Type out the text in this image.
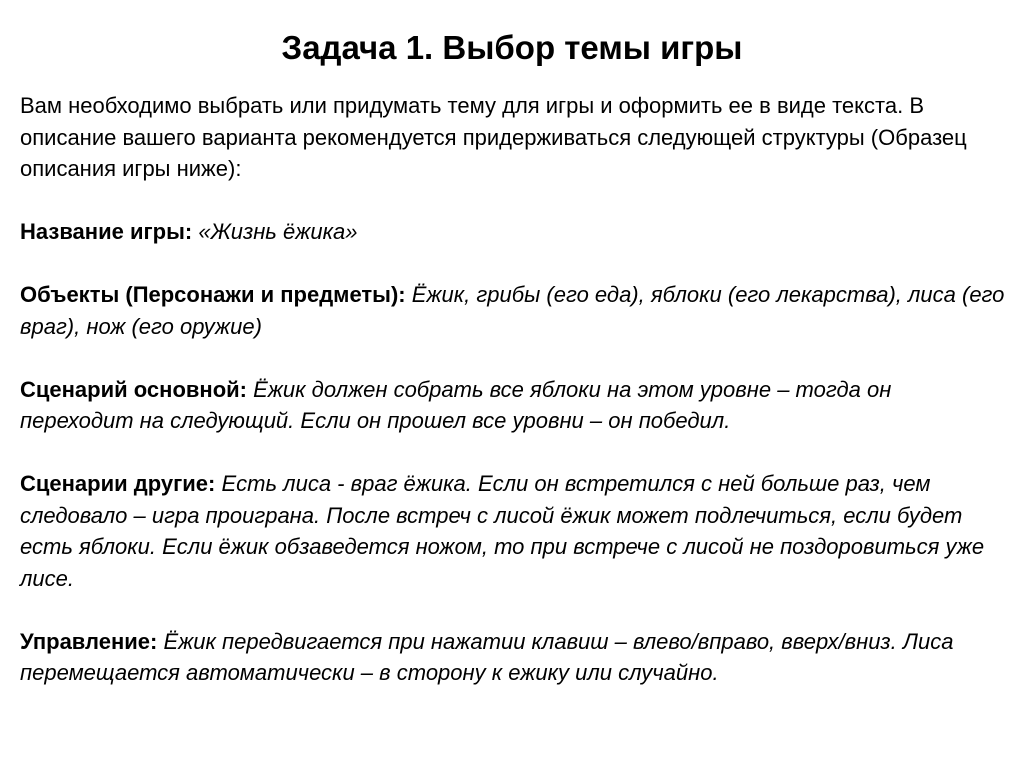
Задача 1. Выбор темы игры

Вам необходимо выбрать или придумать тему для игры и оформить ее в виде текста. В описание вашего варианта рекомендуется придерживаться следующей структуры (Образец описания игры ниже):

Название игры: «Жизнь ёжика»

Объекты (Персонажи и предметы): Ёжик, грибы (его еда), яблоки (его лекарства), лиса (его враг), нож (его оружие)

Сценарий основной: Ёжик должен собрать все яблоки на этом уровне – тогда он переходит на следующий. Если он прошел все уровни – он победил.

Сценарии другие: Есть лиса - враг ёжика. Если он встретился с ней больше раз, чем следовало – игра проиграна. После встреч с лисой ёжик может подлечиться, если будет есть яблоки. Если ёжик обзаведется ножом, то при встрече с лисой не поздоровиться уже лисе.

Управление: Ёжик передвигается при нажатии клавиш – влево/вправо, вверх/вниз. Лиса перемещается автоматически – в сторону к ежику или случайно.
